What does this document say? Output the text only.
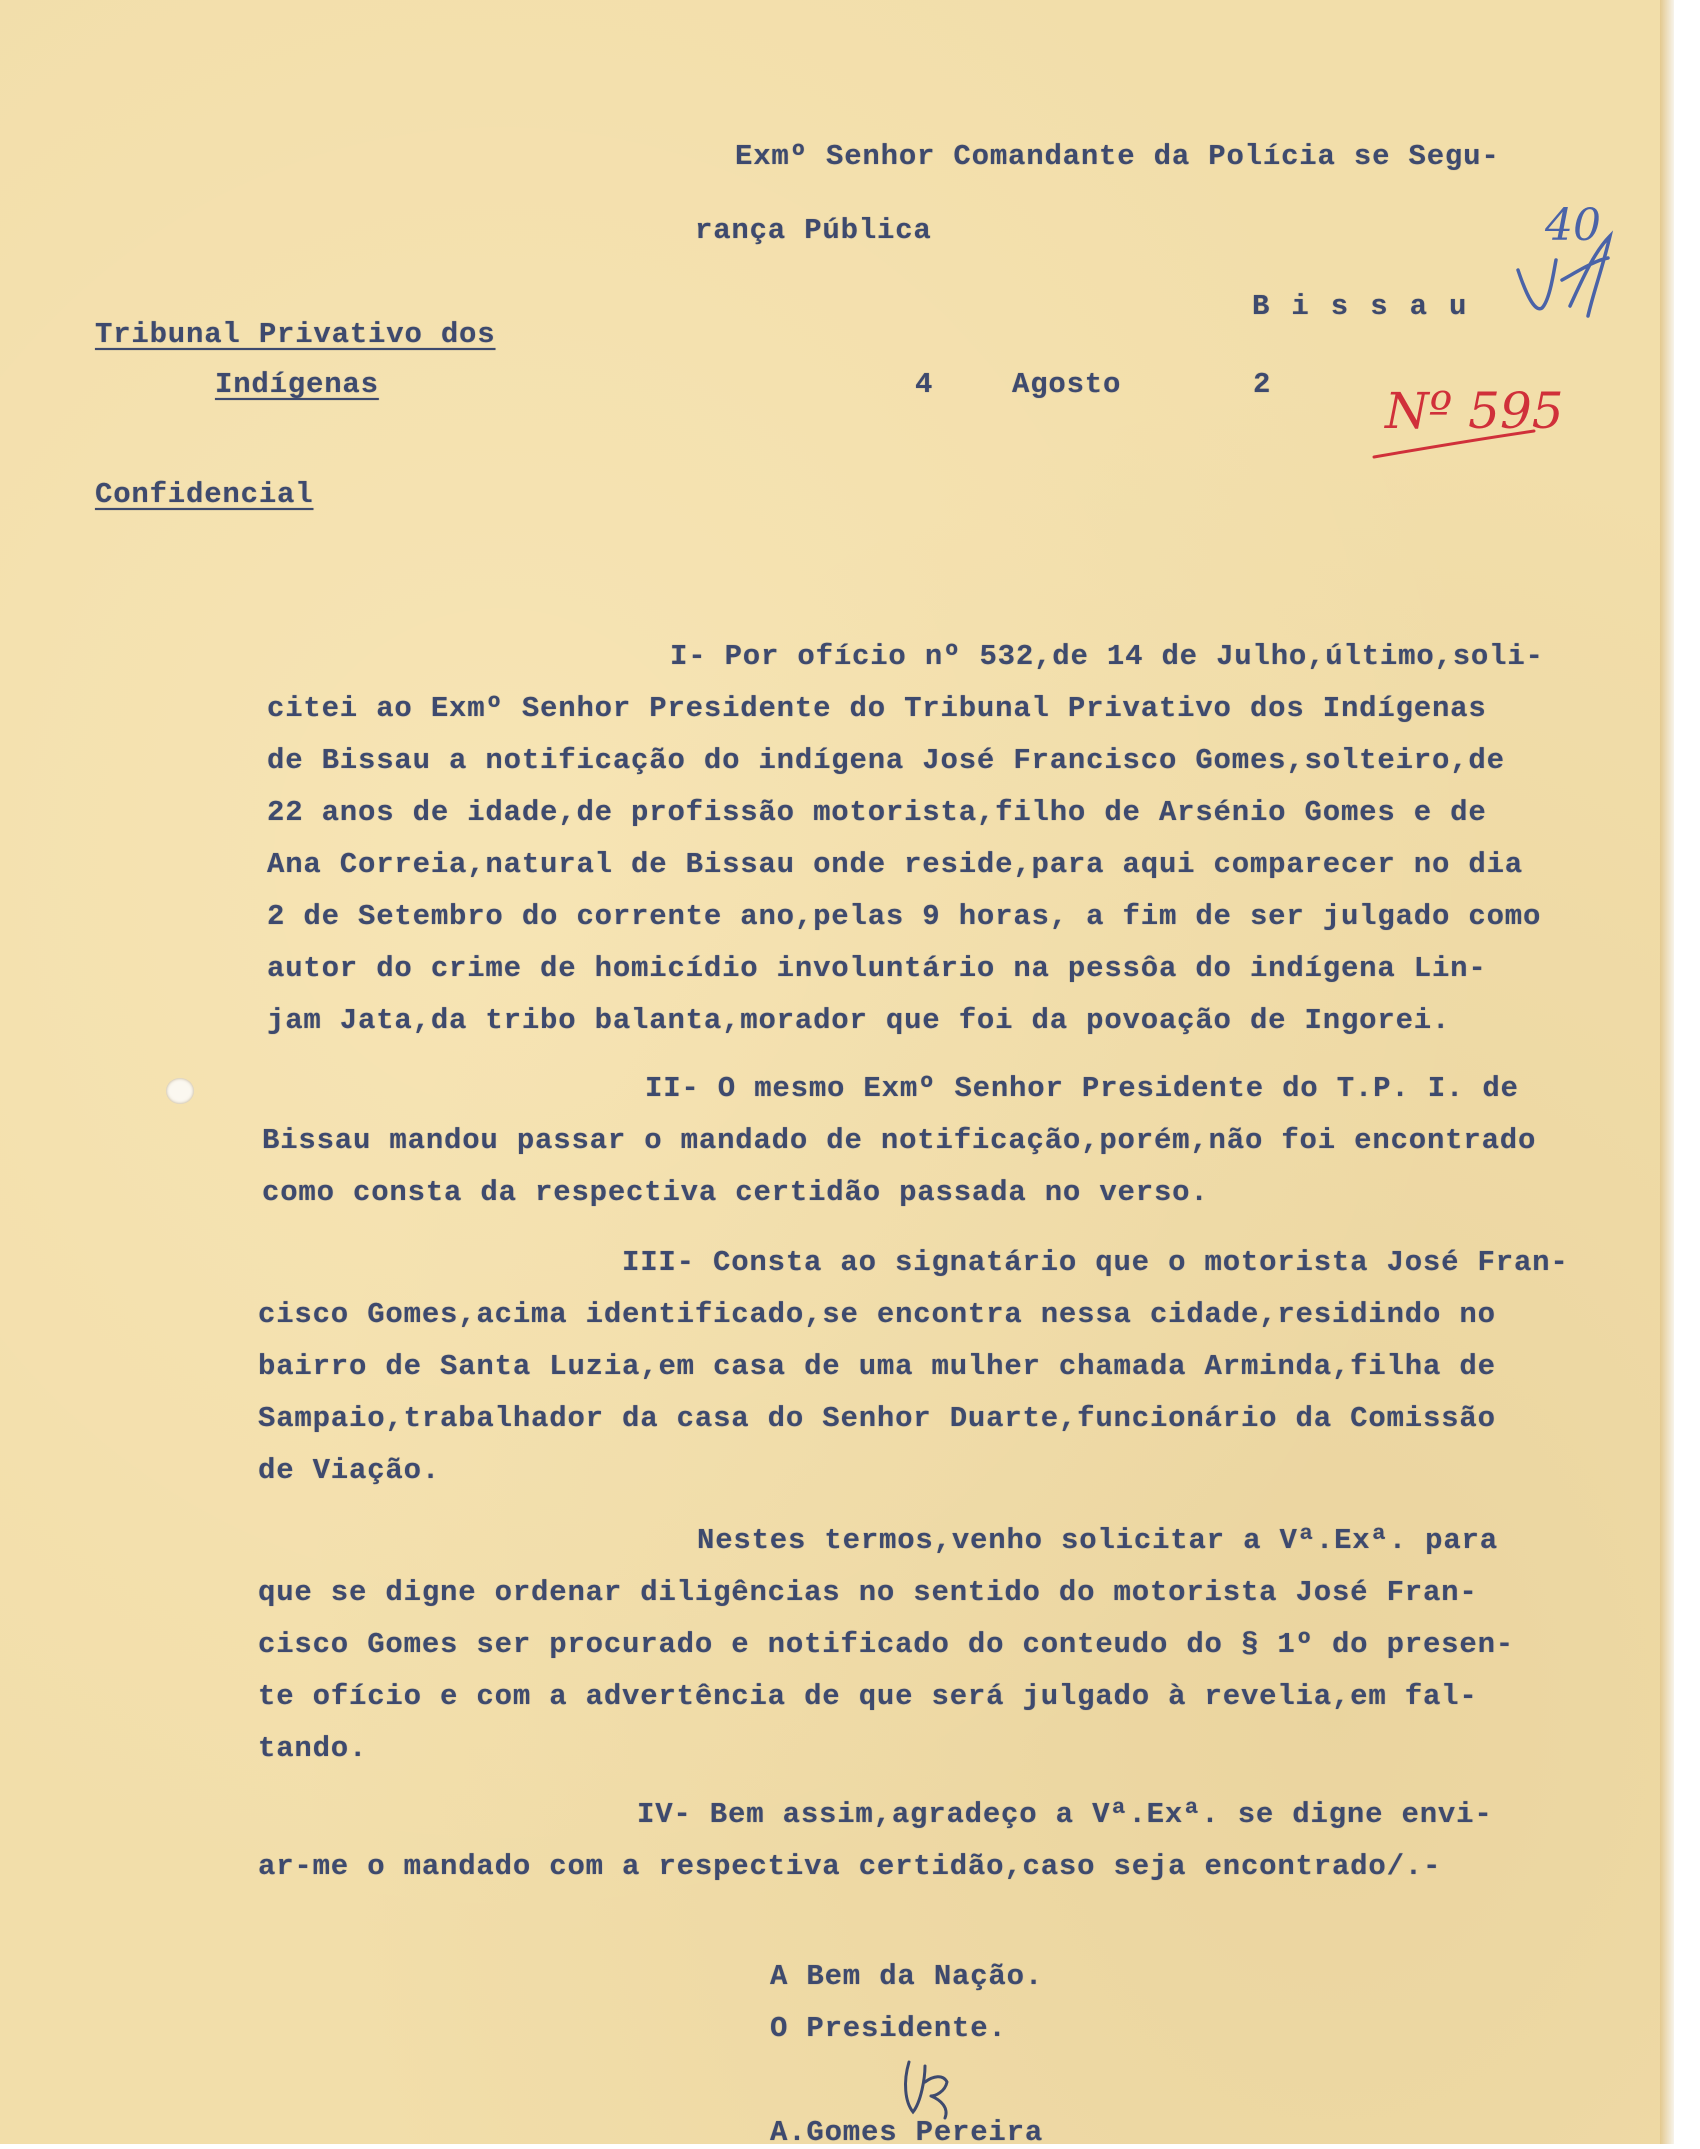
Exmº Senhor Comandante da Polícia se Segu-

rança Pública

Bissau

Tribunal Privativo dos

Indígenas	4	Agosto	2

Confidencial

40
Nº 595

I- Por ofício nº 532,de 14 de Julho,último,soli-

citei ao Exmº Senhor Presidente do Tribunal Privativo dos Indígenas

de Bissau a notificação do indígena José Francisco Gomes,solteiro,de

22 anos de idade,de profissão motorista,filho de Arsénio Gomes e de

Ana Correia,natural de Bissau onde reside,para aqui comparecer no dia

2 de Setembro do corrente ano,pelas 9 horas, a fim de ser julgado como

autor do crime de homicídio involuntário na pessôa do indígena Lin-

jam Jata,da tribo balanta,morador que foi da povoação de Ingorei.

II- O mesmo Exmº Senhor Presidente do T.P. I. de

Bissau mandou passar o mandado de notificação,porém,não foi encontrado

como consta da respectiva certidão passada no verso.

III- Consta ao signatário que o motorista José Fran-

cisco Gomes,acima identificado,se encontra nessa cidade,residindo no

bairro de Santa Luzia,em casa de uma mulher chamada Arminda,filha de

Sampaio,trabalhador da casa do Senhor Duarte,funcionário da Comissão

de Viação.

Nestes termos,venho solicitar a Vª.Exª. para

que se digne ordenar diligências no sentido do motorista José Fran-

cisco Gomes ser procurado e notificado do conteudo do § 1º do presen-

te ofício e com a advertência de que será julgado à revelia,em fal-

tando.

IV- Bem assim,agradeço a Vª.Exª. se digne envi-

ar-me o mandado com a respectiva certidão,caso seja encontrado/.-

A Bem da Nação.

O Presidente.

A.Gomes Pereira
